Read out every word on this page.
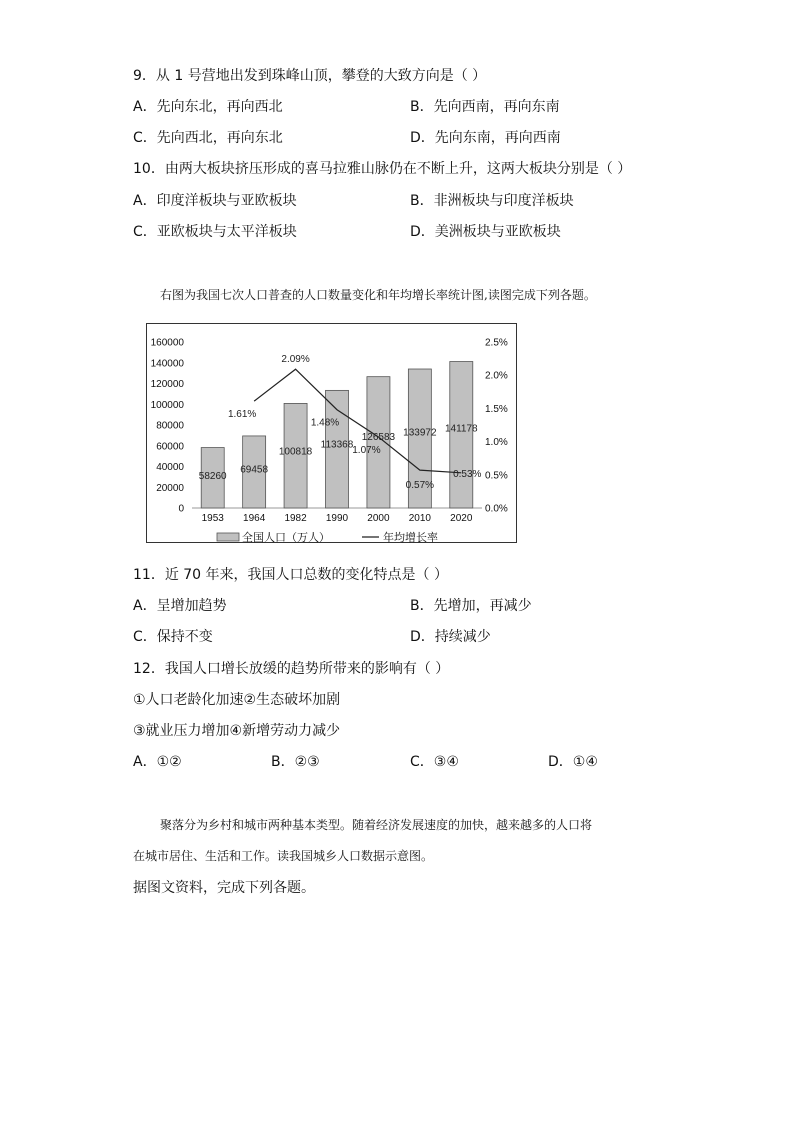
9．从 1 号营地出发到珠峰山顶，攀登的大致方向是（ ）
A．先向东北，再向西北	B．先向西南，再向东南
C．先向西北，再向东北	D．先向东南，再向西南
10．由两大板块挤压形成的喜马拉雅山脉仍在不断上升，这两大板块分别是（ ）
A．印度洋板块与亚欧板块	B．非洲板块与印度洋板块
C．亚欧板块与太平洋板块	D．美洲板块与亚欧板块
右图为我国七次人口普查的人口数量变化和年均增长率统计图,读图完成下列各题。
0
20000
40000
60000
80000
100000
120000
140000
160000
0.0%
0.5%
1.0%
1.5%
2.0%
2.5%
1953 1964 1982 1990 2000 2010 2020
58260
69458
100818
113368
126583 133972 141178
1.61%
2.09%
1.48%
1.07%
0.57%
0.53%
全国人口（万人）	年均增长率
11．近 70 年来，我国人口总数的变化特点是（ ）
A．呈增加趋势	B．先增加，再减少
C．保持不变	D．持续减少
12．我国人口增长放缓的趋势所带来的影响有（ ）
①人口老龄化加速②生态破坏加剧
③就业压力增加④新增劳动力减少
A．①②	B．②③	C．③④	D．①④
聚落分为乡村和城市两种基本类型。随着经济发展速度的加快，越来越多的人口将
在城市居住、生活和工作。读我国城乡人口数据示意图。
据图文资料，完成下列各题。
